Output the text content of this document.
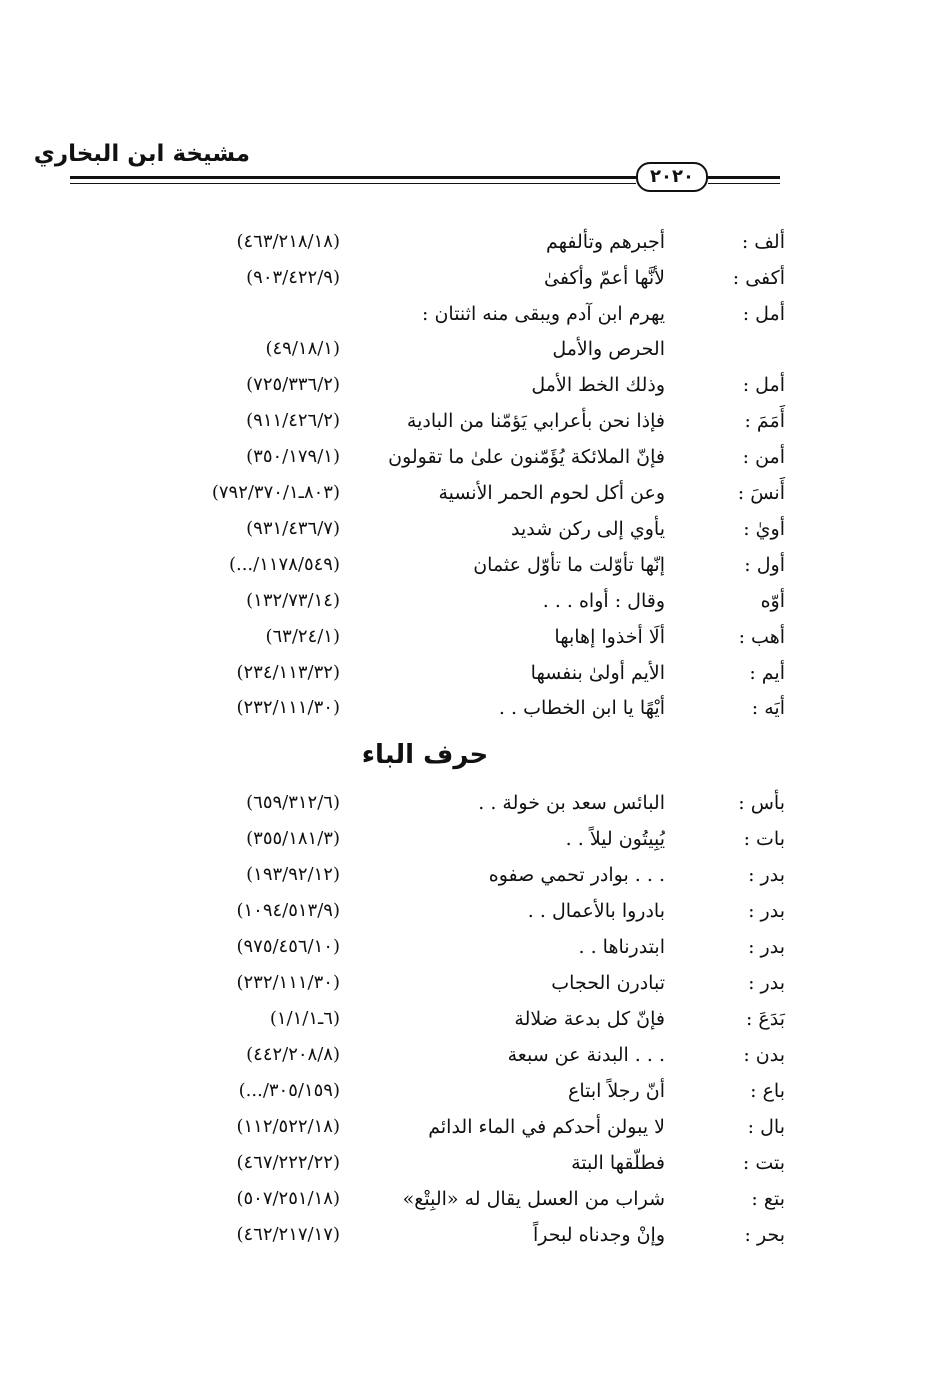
مشيخة ابن البخاري
٢٠٢٠
ألف :
أجبرهم وتألفهم
(٤٦٣/٢١٨/١٨)
أكفى :
لأنَّها أعمّ وأكفىٰ
(٩٠٣/٤٢٢/٩)
أمل :
يهرم ابن آدم ويبقى منه اثنتان :
الحرص والأمل
(٤٩/١٨/١)
أمل :
وذلك الخط الأمل
(٧٢٥/٣٣٦/٢)
أَمَمَ :
فإذا نحن بأعرابي يَؤمّنا من البادية
(٩١١/٤٢٦/٢)
أمن :
فإنّ الملائكة يُؤَمّنون علىٰ ما تقولون
(٣٥٠/١٧٩/١)
أَنسَ :
وعن أكل لحوم الحمر الأنسية
(٨٠٣ـ٧٩٢/٣٧٠/١)
أويٰ :
يأوي إلى ركن شديد
(٩٣١/٤٣٦/٧)
أول :
إنّها تأوّلت ما تأوّل عثمان
(١١٧٨/٥٤٩/...)
أوّه
وقال : أواه . . .
(١٣٢/٧٣/١٤)
أهب :
ألَا أخذوا إهابها
(٦٣/٢٤/١)
أيم :
الأيم أولىٰ بنفسها
(٢٣٤/١١٣/٣٢)
أيَه :
أيْهًا يا ابن الخطاب . .
(٢٣٢/١١١/٣٠)
حرف الباء
بأس :
البائس سعد بن خولة . .
(٦٥٩/٣١٢/٦)
بات :
يُبِيتُون ليلاً . .
(٣٥٥/١٨١/٣)
بدر :
. . . بوادر تحمي صفوه
(١٩٣/٩٢/١٢)
بدر :
بادروا بالأعمال . .
(١٠٩٤/٥١٣/٩)
بدر :
ابتدرناها . .
(٩٧٥/٤٥٦/١٠)
بدر :
تبادرن الحجاب
(٢٣٢/١١١/٣٠)
بَدَعَ :
فإنّ كل بدعة ضلالة
(٦ـ١/١/١)
بدن :
. . . البدنة عن سبعة
(٤٤٢/٢٠٨/٨)
باع :
أنّ رجلاً ابتاع
(٣٠٥/١٥٩/...)
بال :
لا يبولن أحدكم في الماء الدائم
(١١٢/٥٢٢/١٨)
بتت :
فطلّقها البتة
(٤٦٧/٢٢٢/٢٢)
بتع :
شراب من العسل يقال له «البِتْع»
(٥٠٧/٢٥١/١٨)
بحر :
وإنْ وجدناه لبحراً
(٤٦٢/٢١٧/١٧)
